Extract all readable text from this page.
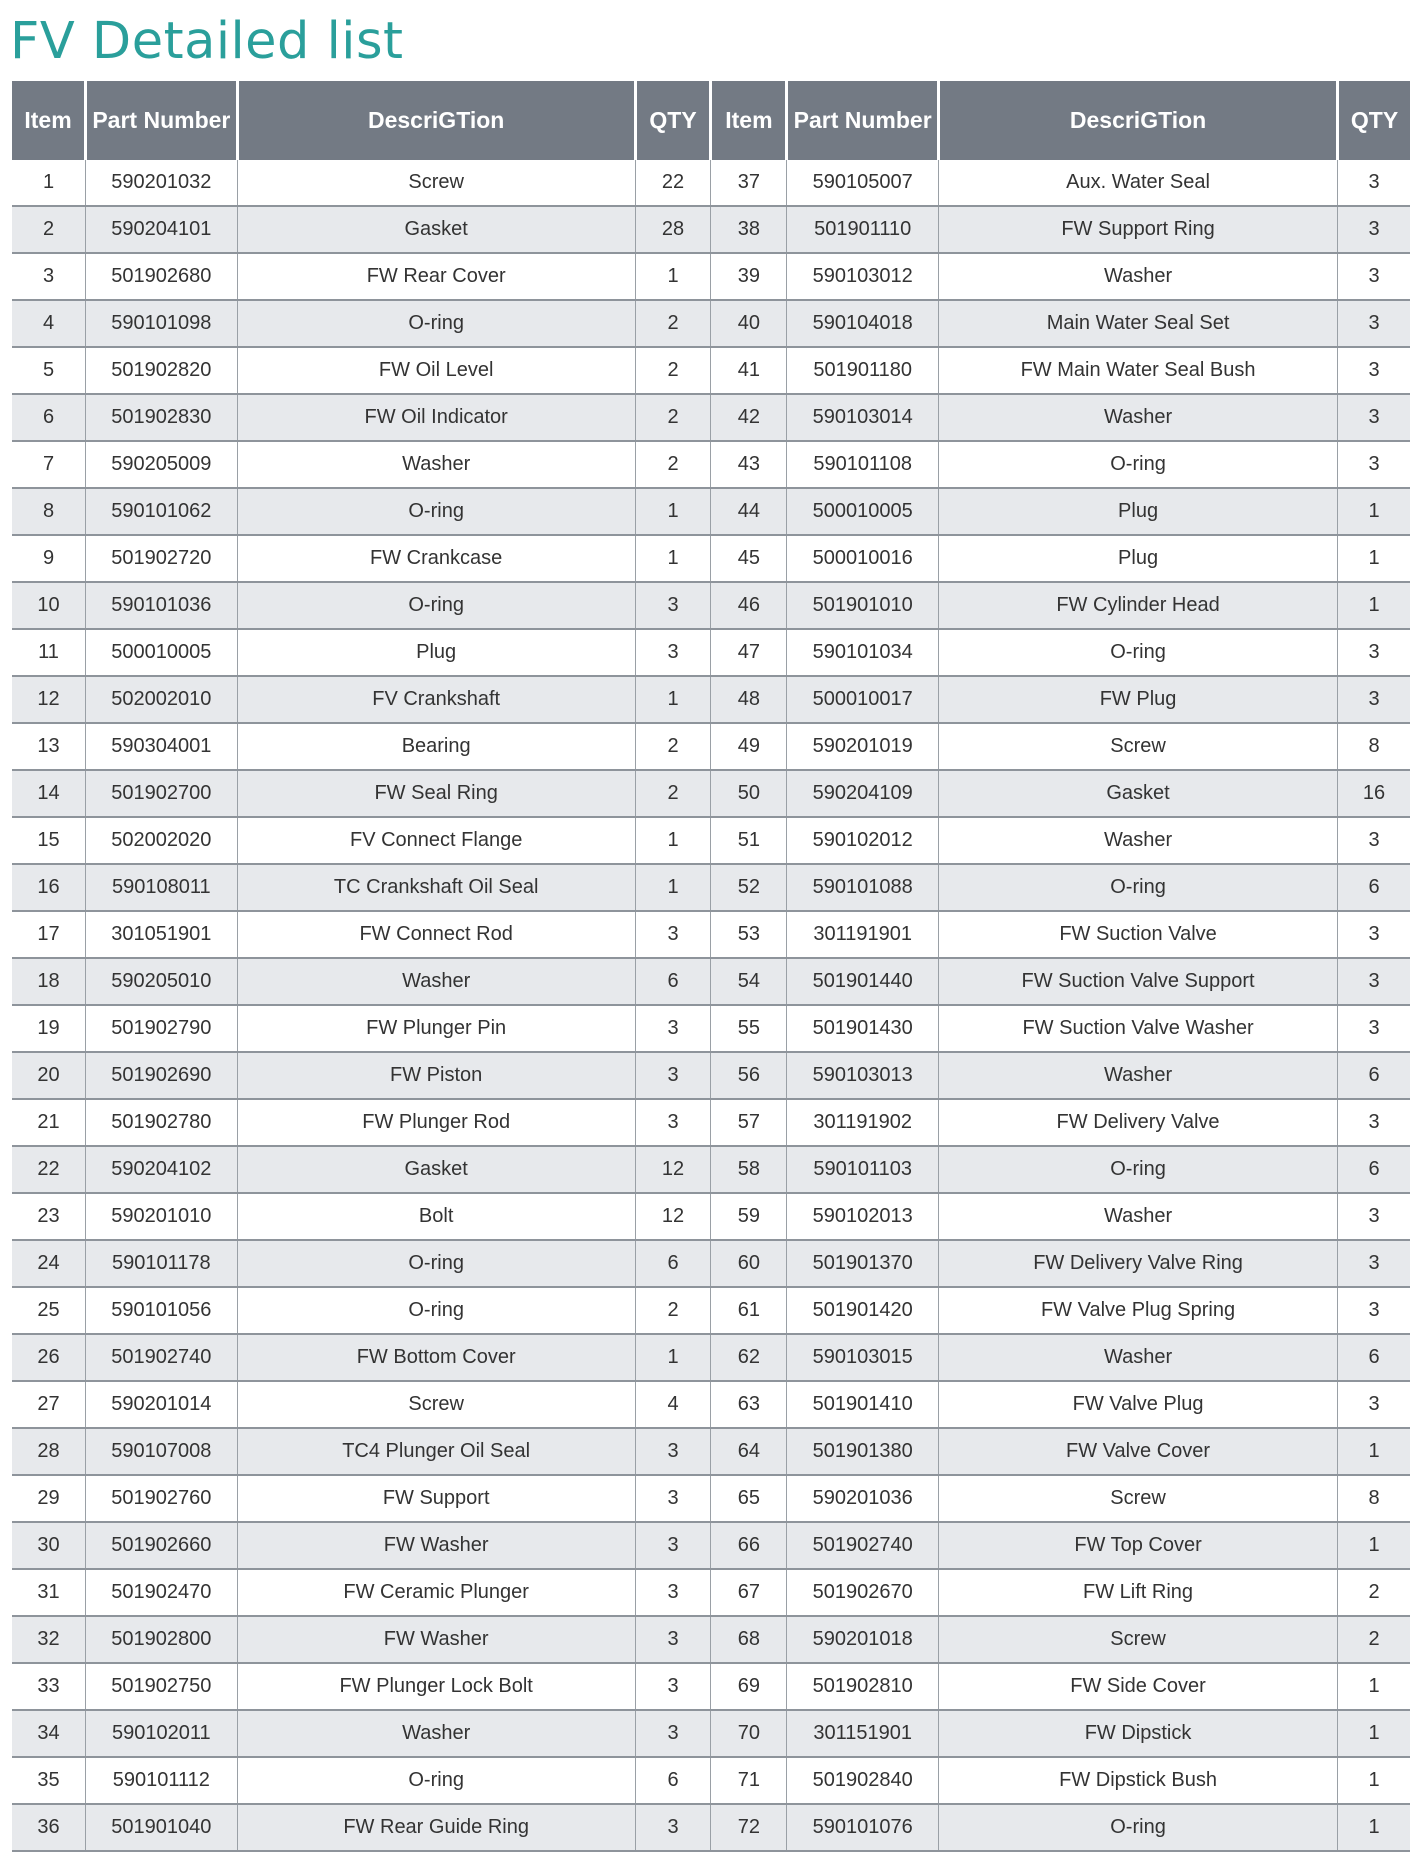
FV Detailed list
Item	Part Number	DescriGTion	QTY	Item	Part Number	DescriGTion	QTY
1	590201032	Screw	22	37	590105007	Aux. Water Seal	3
2	590204101	Gasket	28	38	501901110	FW Support Ring	3
3	501902680	FW Rear Cover	1	39	590103012	Washer	3
4	590101098	O-ring	2	40	590104018	Main Water Seal Set	3
5	501902820	FW Oil Level	2	41	501901180	FW Main Water Seal Bush	3
6	501902830	FW Oil Indicator	2	42	590103014	Washer	3
7	590205009	Washer	2	43	590101108	O-ring	3
8	590101062	O-ring	1	44	500010005	Plug	1
9	501902720	FW Crankcase	1	45	500010016	Plug	1
10	590101036	O-ring	3	46	501901010	FW Cylinder Head	1
11	500010005	Plug	3	47	590101034	O-ring	3
12	502002010	FV Crankshaft	1	48	500010017	FW Plug	3
13	590304001	Bearing	2	49	590201019	Screw	8
14	501902700	FW Seal Ring	2	50	590204109	Gasket	16
15	502002020	FV Connect Flange	1	51	590102012	Washer	3
16	590108011	TC Crankshaft Oil Seal	1	52	590101088	O-ring	6
17	301051901	FW Connect Rod	3	53	301191901	FW Suction Valve	3
18	590205010	Washer	6	54	501901440	FW Suction Valve Support	3
19	501902790	FW Plunger Pin	3	55	501901430	FW Suction Valve Washer	3
20	501902690	FW Piston	3	56	590103013	Washer	6
21	501902780	FW Plunger Rod	3	57	301191902	FW Delivery Valve	3
22	590204102	Gasket	12	58	590101103	O-ring	6
23	590201010	Bolt	12	59	590102013	Washer	3
24	590101178	O-ring	6	60	501901370	FW Delivery Valve Ring	3
25	590101056	O-ring	2	61	501901420	FW Valve Plug Spring	3
26	501902740	FW Bottom Cover	1	62	590103015	Washer	6
27	590201014	Screw	4	63	501901410	FW Valve Plug	3
28	590107008	TC4 Plunger Oil Seal	3	64	501901380	FW Valve Cover	1
29	501902760	FW Support	3	65	590201036	Screw	8
30	501902660	FW Washer	3	66	501902740	FW Top Cover	1
31	501902470	FW Ceramic Plunger	3	67	501902670	FW Lift Ring	2
32	501902800	FW Washer	3	68	590201018	Screw	2
33	501902750	FW Plunger Lock Bolt	3	69	501902810	FW Side Cover	1
34	590102011	Washer	3	70	301151901	FW Dipstick	1
35	590101112	O-ring	6	71	501902840	FW Dipstick Bush	1
36	501901040	FW Rear Guide Ring	3	72	590101076	O-ring	1
